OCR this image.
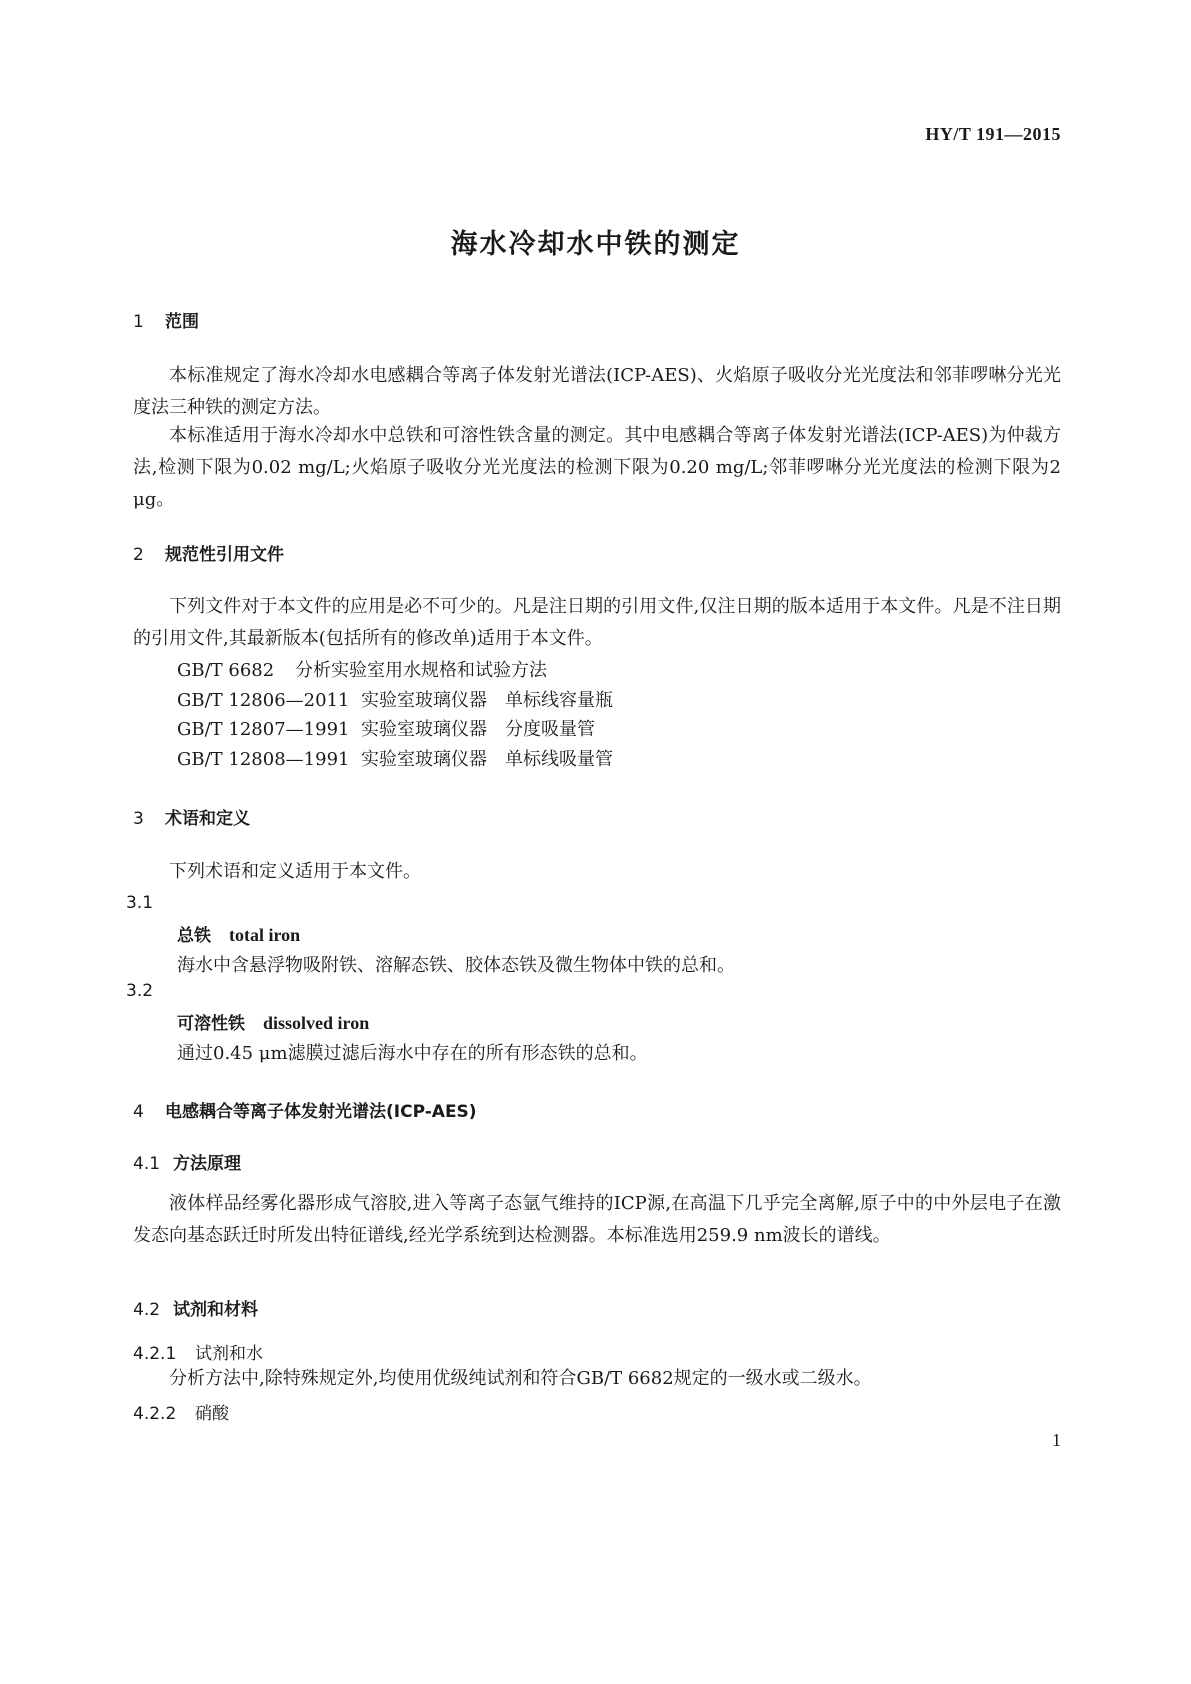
HY/T 191—2015
海水冷却水中铁的测定
1 范围
本标准规定了海水冷却水电感耦合等离子体发射光谱法(ICP-AES)、火焰原子吸收分光光度法和邻菲啰啉分光光度法三种铁的测定方法。
本标准适用于海水冷却水中总铁和可溶性铁含量的测定。其中电感耦合等离子体发射光谱法(ICP-AES)为仲裁方法,检测下限为0.02 mg/L;火焰原子吸收分光光度法的检测下限为0.20 mg/L;邻菲啰啉分光光度法的检测下限为2 μg。
2 规范性引用文件
下列文件对于本文件的应用是必不可少的。凡是注日期的引用文件,仅注日期的版本适用于本文件。凡是不注日期的引用文件,其最新版本(包括所有的修改单)适用于本文件。
GB/T 6682 分析实验室用水规格和试验方法
GB/T 12806—2011 实验室玻璃仪器　单标线容量瓶
GB/T 12807—1991 实验室玻璃仪器　分度吸量管
GB/T 12808—1991 实验室玻璃仪器　单标线吸量管
3 术语和定义
下列术语和定义适用于本文件。
3.1
总铁 total iron
海水中含悬浮物吸附铁、溶解态铁、胶体态铁及微生物体中铁的总和。
3.2
可溶性铁 dissolved iron
通过0.45 μm滤膜过滤后海水中存在的所有形态铁的总和。
4 电感耦合等离子体发射光谱法(ICP-AES)
4.1 方法原理
液体样品经雾化器形成气溶胶,进入等离子态氩气维持的ICP源,在高温下几乎完全离解,原子中的中外层电子在激发态向基态跃迁时所发出特征谱线,经光学系统到达检测器。本标准选用259.9 nm波长的谱线。
4.2 试剂和材料
4.2.1 试剂和水
分析方法中,除特殊规定外,均使用优级纯试剂和符合GB/T 6682规定的一级水或二级水。
4.2.2 硝酸
1
